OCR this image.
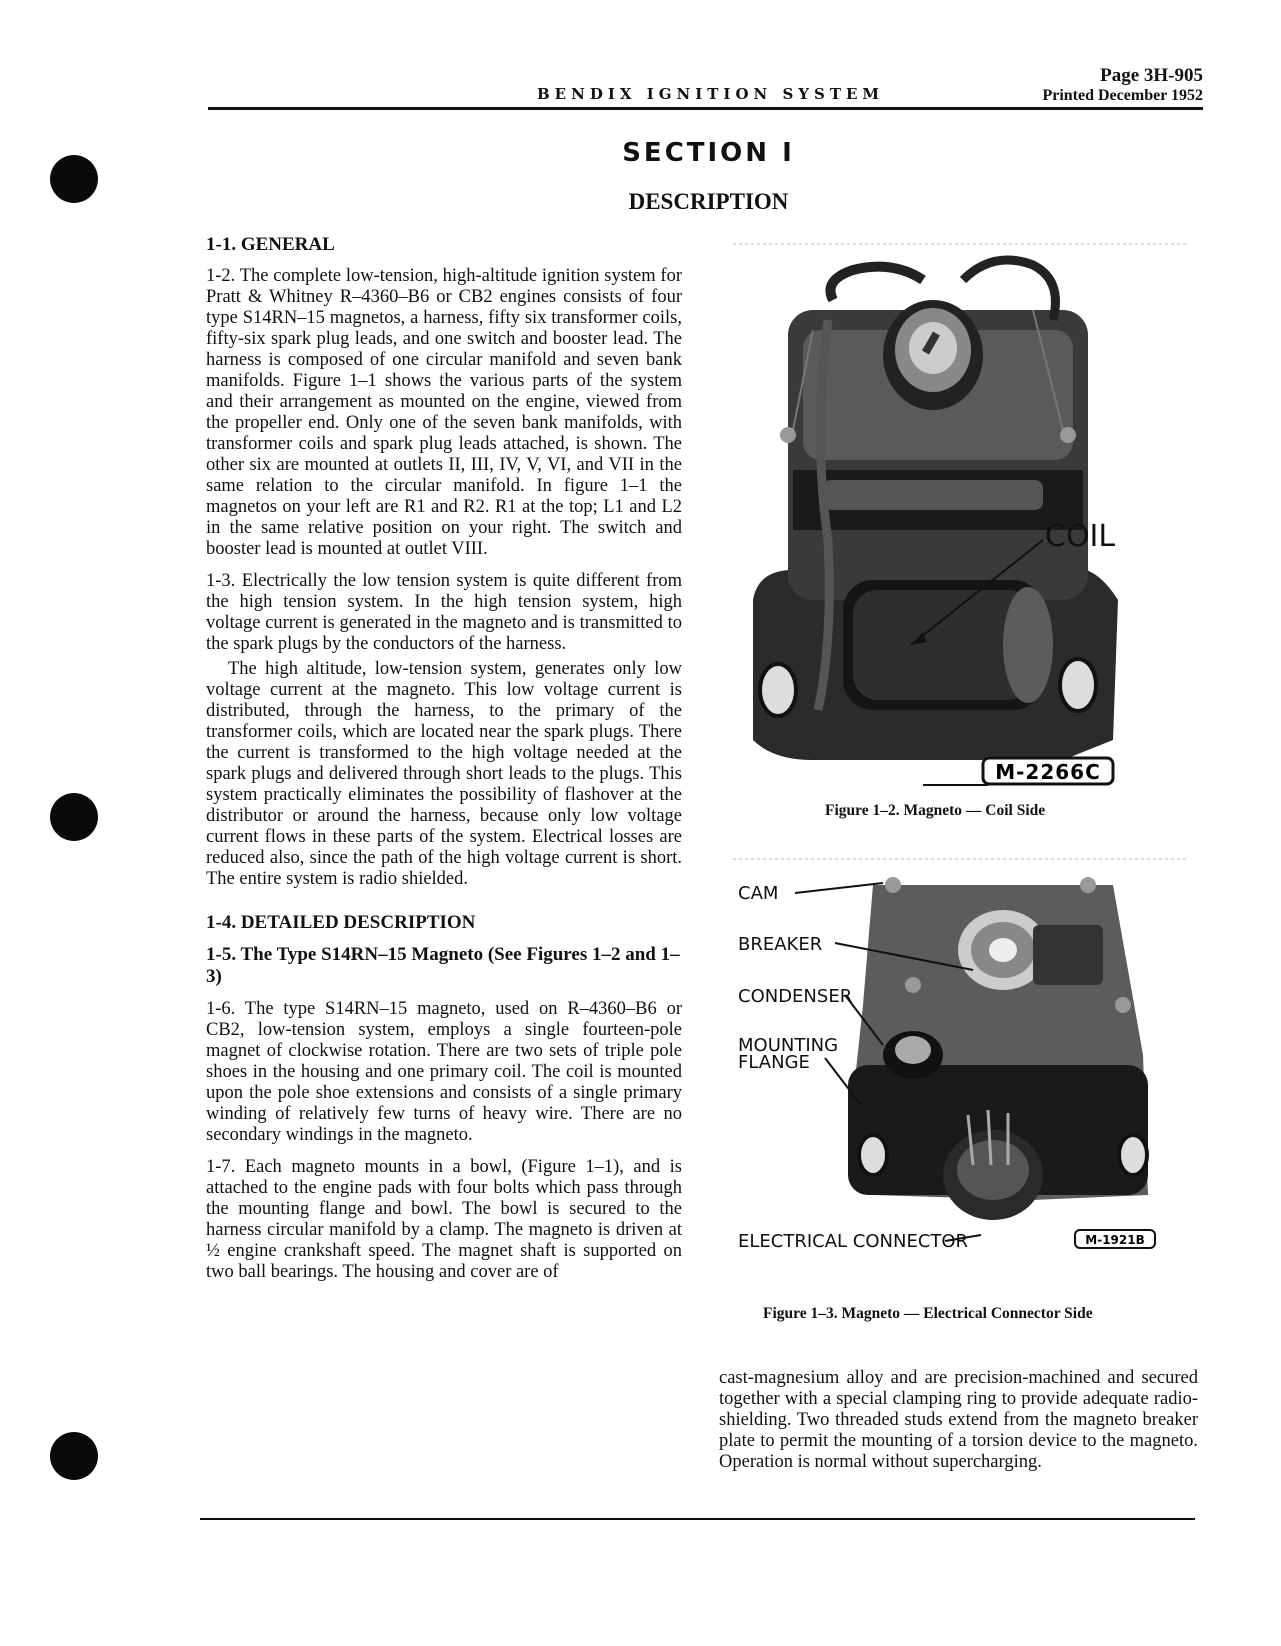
BENDIX IGNITION SYSTEM
Page 3H-905
Printed December 1952
SECTION I
DESCRIPTION
1-1. GENERAL

1-2. The complete low-tension, high-altitude ignition system for Pratt & Whitney R–4360–B6 or CB2 engines consists of four type S14RN–15 magnetos, a harness, fifty six transformer coils, fifty-six spark plug leads, and one switch and booster lead. The harness is composed of one circular manifold and seven bank manifolds. Figure 1–1 shows the various parts of the system and their arrangement as mounted on the engine, viewed from the propeller end. Only one of the seven bank manifolds, with transformer coils and spark plug leads attached, is shown. The other six are mounted at outlets II, III, IV, V, VI, and VII in the same relation to the circular manifold. In figure 1–1 the magnetos on your left are R1 and R2. R1 at the top; L1 and L2 in the same relative position on your right. The switch and booster lead is mounted at outlet VIII.

1-3. Electrically the low tension system is quite different from the high tension system. In the high tension system, high voltage current is generated in the magneto and is transmitted to the spark plugs by the conductors of the harness.

The high altitude, low-tension system, generates only low voltage current at the magneto. This low voltage current is distributed, through the harness, to the primary of the transformer coils, which are located near the spark plugs. There the current is transformed to the high voltage needed at the spark plugs and delivered through short leads to the plugs. This system practically eliminates the possibility of flashover at the distributor or around the harness, because only low voltage current flows in these parts of the system. Electrical losses are reduced also, since the path of the high voltage current is short. The entire system is radio shielded.

1-4. DETAILED DESCRIPTION
1-5. The Type S14RN–15 Magneto (See Figures 1–2 and 1–3)

1-6. The type S14RN–15 magneto, used on R–4360–B6 or CB2, low-tension system, employs a single fourteen-pole magnet of clockwise rotation. There are two sets of triple pole shoes in the housing and one primary coil. The coil is mounted upon the pole shoe extensions and consists of a single primary winding of relatively few turns of heavy wire. There are no secondary windings in the magneto.

1-7. Each magneto mounts in a bowl, (Figure 1–1), and is attached to the engine pads with four bolts which pass through the mounting flange and bowl. The bowl is secured to the harness circular manifold by a clamp. The magneto is driven at ½ engine crankshaft speed. The magnet shaft is supported on two ball bearings. The housing and cover are of

COIL
M-2266C
Figure 1–2. Magneto — Coil Side
CAM
BREAKER
CONDENSER
MOUNTING
FLANGE
ELECTRICAL CONNECTOR	M-1921B
Figure 1–3. Magneto — Electrical Connector Side

cast-magnesium alloy and are precision-machined and secured together with a special clamping ring to provide adequate radio-shielding. Two threaded studs extend from the magneto breaker plate to permit the mounting of a torsion device to the magneto. Operation is normal without supercharging.
